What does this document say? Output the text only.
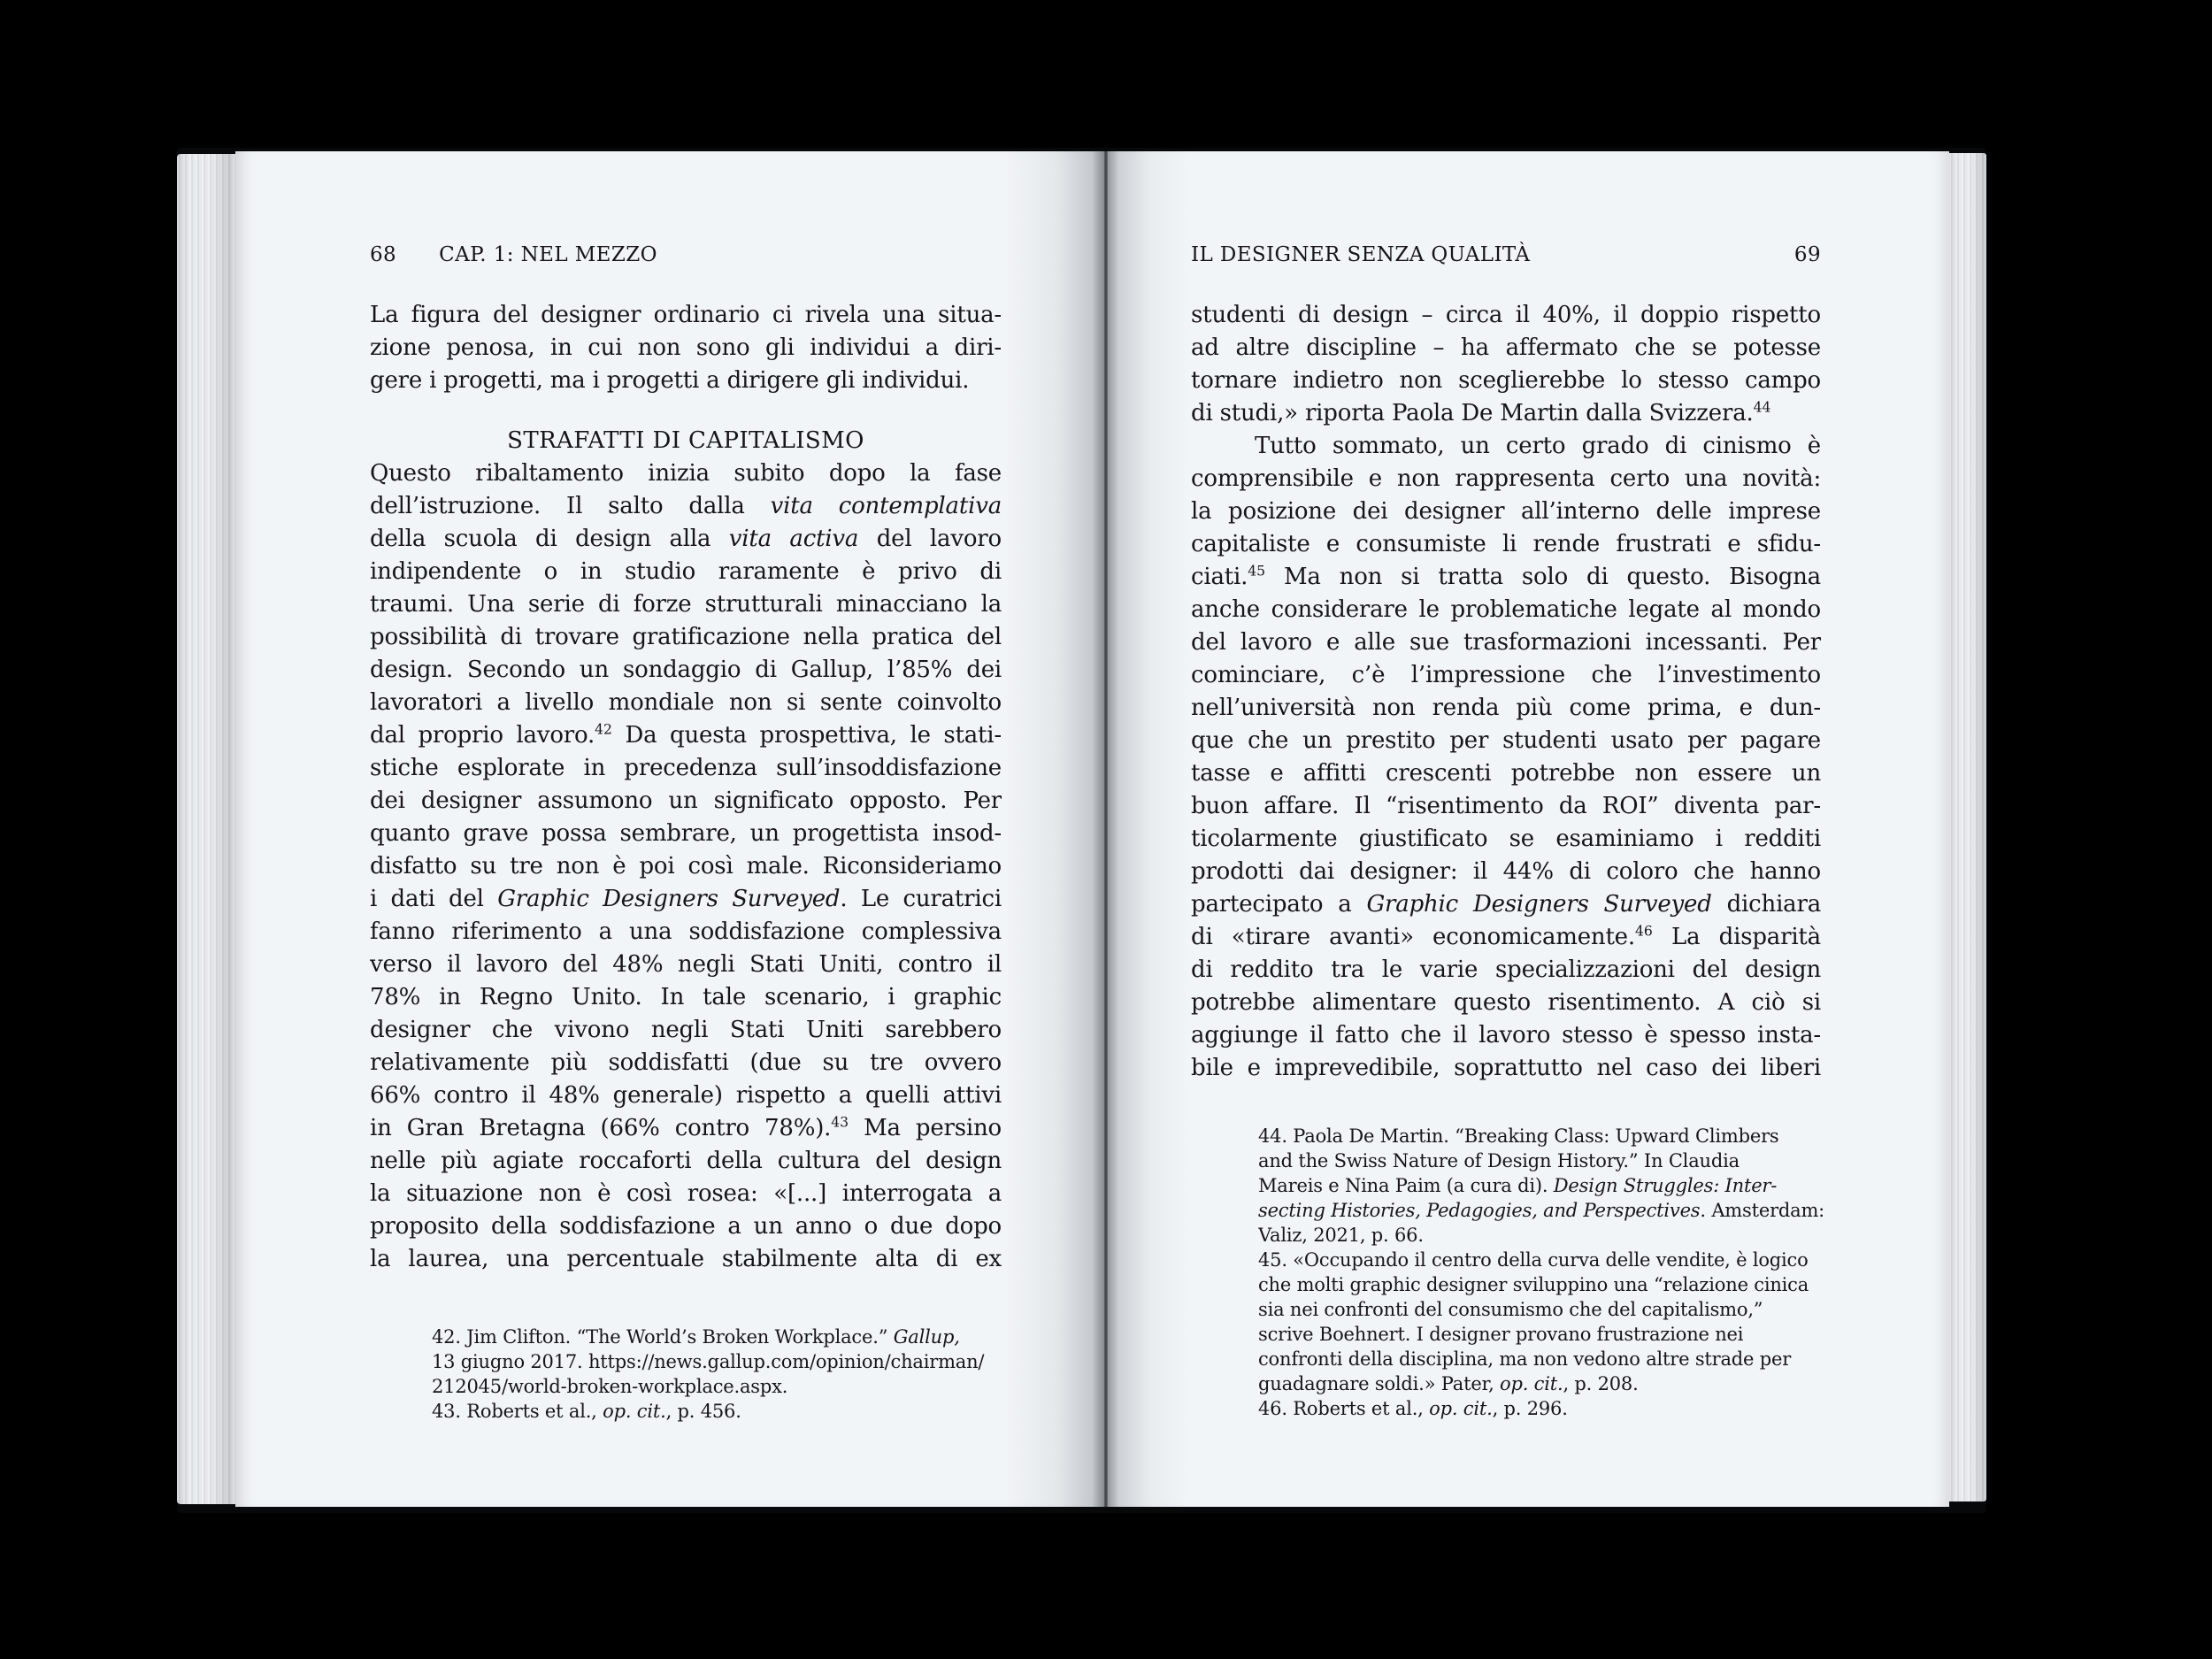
68 CAP. 1: NEL MEZZO
La figura del designer ordinario ci rivela una situa-
zione penosa, in cui non sono gli individui a diri-
gere i progetti, ma i progetti a dirigere gli individui.
STRAFATTI DI CAPITALISMO
Questo ribaltamento inizia subito dopo la fase
dell’istruzione. Il salto dalla vita contemplativa
della scuola di design alla vita activa del lavoro
indipendente o in studio raramente è privo di
traumi. Una serie di forze strutturali minacciano la
possibilità di trovare gratificazione nella pratica del
design. Secondo un sondaggio di Gallup, l’85% dei
lavoratori a livello mondiale non si sente coinvolto
dal proprio lavoro.$^{42}$ Da questa prospettiva, le stati-
stiche esplorate in precedenza sull’insoddisfazione
dei designer assumono un significato opposto. Per
quanto grave possa sembrare, un progettista insod-
disfatto su tre non è poi così male. Riconsideriamo
i dati del Graphic Designers Surveyed. Le curatrici
fanno riferimento a una soddisfazione complessiva
verso il lavoro del 48% negli Stati Uniti, contro il
78% in Regno Unito. In tale scenario, i graphic
designer che vivono negli Stati Uniti sarebbero
relativamente più soddisfatti (due su tre ovvero
66% contro il 48% generale) rispetto a quelli attivi
in Gran Bretagna (66% contro 78%).$^{43}$ Ma persino
nelle più agiate roccaforti della cultura del design
la situazione non è così rosea: «[...] interrogata a
proposito della soddisfazione a un anno o due dopo
la laurea, una percentuale stabilmente alta di ex
42. Jim Clifton. “The World’s Broken Workplace.” Gallup,
13 giugno 2017. https://news.gallup.com/opinion/chairman/
212045/world-broken-workplace.aspx.
43. Roberts et al., op. cit., p. 456.
IL DESIGNER SENZA QUALITÀ	69
studenti di design – circa il 40%, il doppio rispetto
ad altre discipline – ha affermato che se potesse
tornare indietro non sceglierebbe lo stesso campo
di studi,» riporta Paola De Martin dalla Svizzera.$^{44}$
Tutto sommato, un certo grado di cinismo è
comprensibile e non rappresenta certo una novità:
la posizione dei designer all’interno delle imprese
capitaliste e consumiste li rende frustrati e sfidu-
ciati.$^{45}$ Ma non si tratta solo di questo. Bisogna
anche considerare le problematiche legate al mondo
del lavoro e alle sue trasformazioni incessanti. Per
cominciare, c’è l’impressione che l’investimento
nell’università non renda più come prima, e dun-
que che un prestito per studenti usato per pagare
tasse e affitti crescenti potrebbe non essere un
buon affare. Il “risentimento da ROI” diventa par-
ticolarmente giustificato se esaminiamo i redditi
prodotti dai designer: il 44% di coloro che hanno
partecipato a Graphic Designers Surveyed dichiara
di «tirare avanti» economicamente.$^{46}$ La disparità
di reddito tra le varie specializzazioni del design
potrebbe alimentare questo risentimento. A ciò si
aggiunge il fatto che il lavoro stesso è spesso insta-
bile e imprevedibile, soprattutto nel caso dei liberi
44. Paola De Martin. “Breaking Class: Upward Climbers
and the Swiss Nature of Design History.” In Claudia
Mareis e Nina Paim (a cura di). Design Struggles: Inter-
secting Histories, Pedagogies, and Perspectives. Amsterdam:
Valiz, 2021, p. 66.
45. «Occupando il centro della curva delle vendite, è logico
che molti graphic designer sviluppino una “relazione cinica
sia nei confronti del consumismo che del capitalismo,”
scrive Boehnert. I designer provano frustrazione nei
confronti della disciplina, ma non vedono altre strade per
guadagnare soldi.» Pater, op. cit., p. 208.
46. Roberts et al., op. cit., p. 296.
